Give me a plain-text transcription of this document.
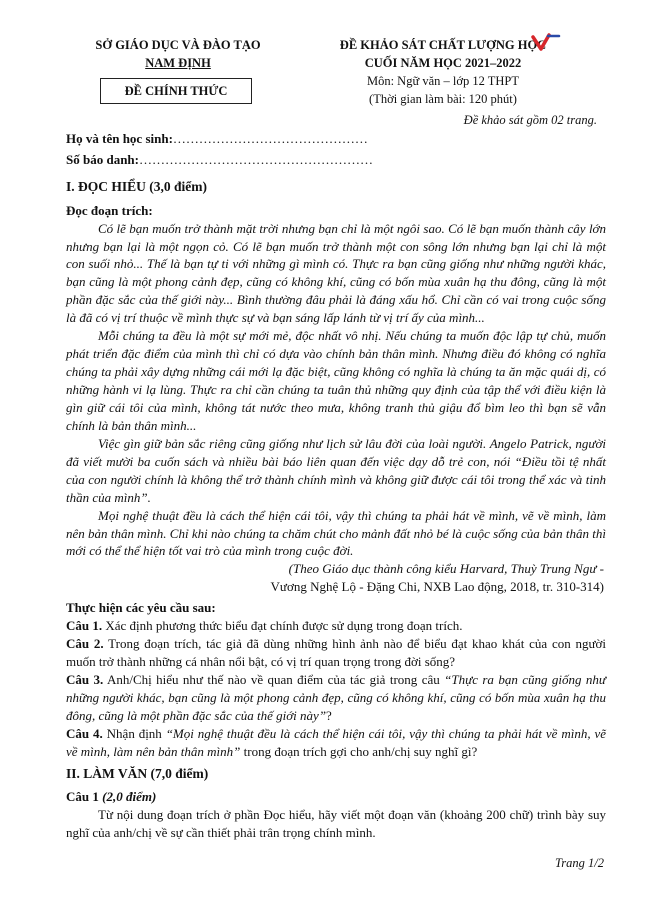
SỞ GIÁO DỤC VÀ ĐÀO TẠO
NAM ĐỊNH
ĐỀ CHÍNH THỨC
ĐỀ KHẢO SÁT CHẤT LƯỢNG HỌC
CUỐI NĂM HỌC 2021–2022
Môn: Ngữ văn – lớp 12 THPT
(Thời gian làm bài: 120 phút)
Đề khảo sát gồm 02 trang.
Họ và tên học sinh:………………………………………
Số báo danh:………………………………………………
I. ĐỌC HIỂU (3,0 điểm)
Đọc đoạn trích:

Có lẽ bạn muốn trở thành mặt trời nhưng bạn chỉ là một ngôi sao. Có lẽ bạn muốn thành cây lớn nhưng bạn lại là một ngọn cỏ. Có lẽ bạn muốn trở thành một con sông lớn nhưng bạn lại chỉ là một con suối nhỏ... Thế là bạn tự ti với những gì mình có. Thực ra bạn cũng giống như những người khác, bạn cũng là một phong cảnh đẹp, cũng có không khí, cũng có bốn mùa xuân hạ thu đông, cũng là một phần đặc sắc của thế giới này... Bình thường đâu phải là đáng xấu hổ. Chỉ cần có vai trong cuộc sống là đã có vị trí thuộc về mình thực sự và bạn sáng lấp lánh từ vị trí ấy của mình...

Mỗi chúng ta đều là một sự mới mẻ, độc nhất vô nhị. Nếu chúng ta muốn độc lập tự chủ, muốn phát triển đặc điểm của mình thì chỉ có dựa vào chính bản thân mình. Nhưng điều đó không có nghĩa chúng ta phải xây dựng những cái mới lạ đặc biệt, cũng không có nghĩa là chúng ta ăn mặc quái dị, có những hành vi lạ lùng. Thực ra chỉ cần chúng ta tuân thủ những quy định của tập thể với điều kiện là gìn giữ cái tôi của mình, không tát nước theo mưa, không tranh thủ giậu đổ bìm leo thì bạn sẽ vẫn chính là bản thân mình...

Việc gìn giữ bản sắc riêng cũng giống như lịch sử lâu đời của loài người. Angelo Patrick, người đã viết mười ba cuốn sách và nhiều bài báo liên quan đến việc dạy dỗ trẻ con, nói “Điều tồi tệ nhất của con người chính là không thể trở thành chính mình và không giữ được cái tôi trong thể xác và tinh thần của mình”.

Mọi nghệ thuật đều là cách thể hiện cái tôi, vậy thì chúng ta phải hát về mình, vẽ về mình, làm nên bản thân mình. Chỉ khi nào chúng ta chăm chút cho mảnh đất nhỏ bé là cuộc sống của bản thân thì mới có thể thể hiện tốt vai trò của mình trong cuộc đời.

(Theo Giáo dục thành công kiểu Harvard, Thuỳ Trung Ngư -

Vương Nghệ Lộ - Đặng Chi, NXB Lao động, 2018, tr. 310-314)

Thực hiện các yêu cầu sau:

Câu 1. Xác định phương thức biểu đạt chính được sử dụng trong đoạn trích.

Câu 2. Trong đoạn trích, tác giả đã dùng những hình ảnh nào để biểu đạt khao khát của con người muốn trở thành những cá nhân nổi bật, có vị trí quan trọng trong đời sống?

Câu 3. Anh/Chị hiểu như thế nào về quan điểm của tác giả trong câu “Thực ra bạn cũng giống như những người khác, bạn cũng là một phong cảnh đẹp, cũng có không khí, cũng có bốn mùa xuân hạ thu đông, cũng là một phần đặc sắc của thế giới này”?

Câu 4. Nhận định “Mọi nghệ thuật đều là cách thể hiện cái tôi, vậy thì chúng ta phải hát về mình, vẽ về mình, làm nên bản thân mình” trong đoạn trích gợi cho anh/chị suy nghĩ gì?

II. LÀM VĂN (7,0 điểm)
Câu 1 (2,0 điểm)

Từ nội dung đoạn trích ở phần Đọc hiểu, hãy viết một đoạn văn (khoảng 200 chữ) trình bày suy nghĩ của anh/chị về sự cần thiết phải trân trọng chính mình.

Trang 1/2
